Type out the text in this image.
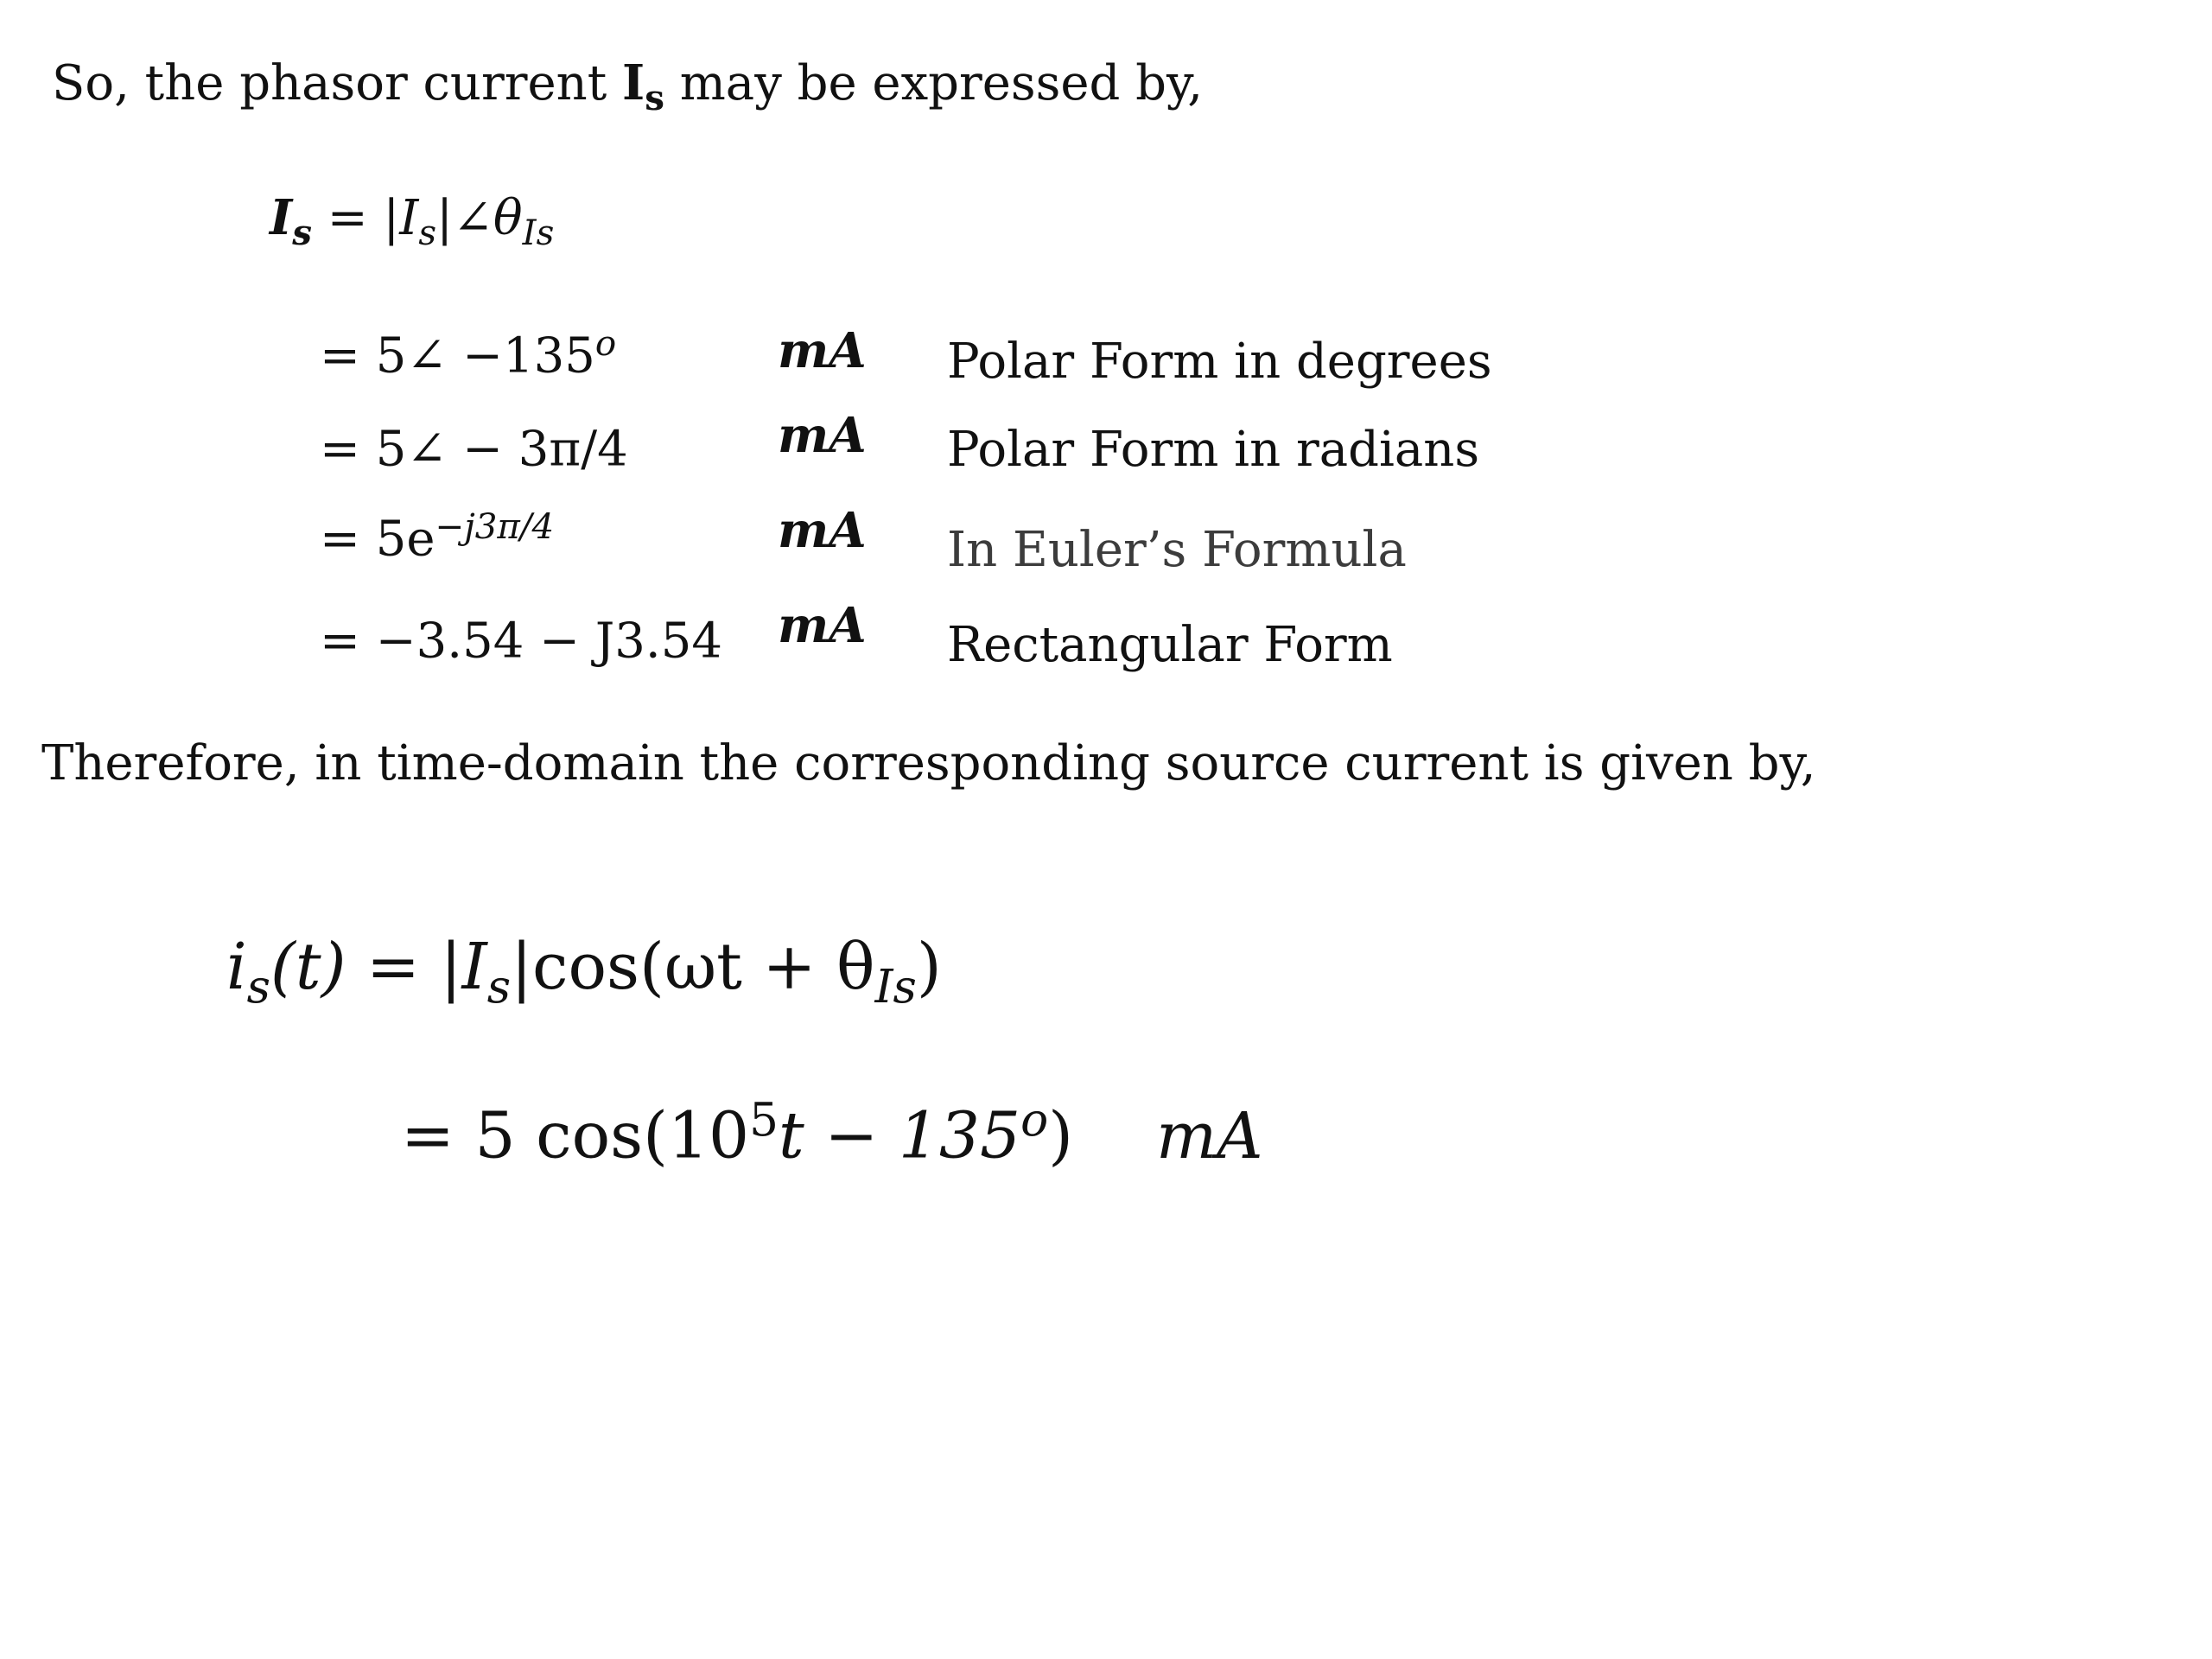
So, the phasor current $I_s$ may be expressed by,
$I_s$ = $|I_s|\angle\theta_{Is}$
= 5∠ $-135^o$
= 5∠ − 3π/4
= $5e^{-j3\pi/4}$
= −3.54 − J3.54
mA
mA
mA
mA
Polar Form in degrees
Polar Form in radians
In Euler’s Formula
Rectangular Form
Therefore, in time-domain the corresponding source current is given by,
$i_s(t) = |I_s|\cos(\omega t + \theta_{Is})$
= 5 $\cos(10^5t - 135^o)$ mA
